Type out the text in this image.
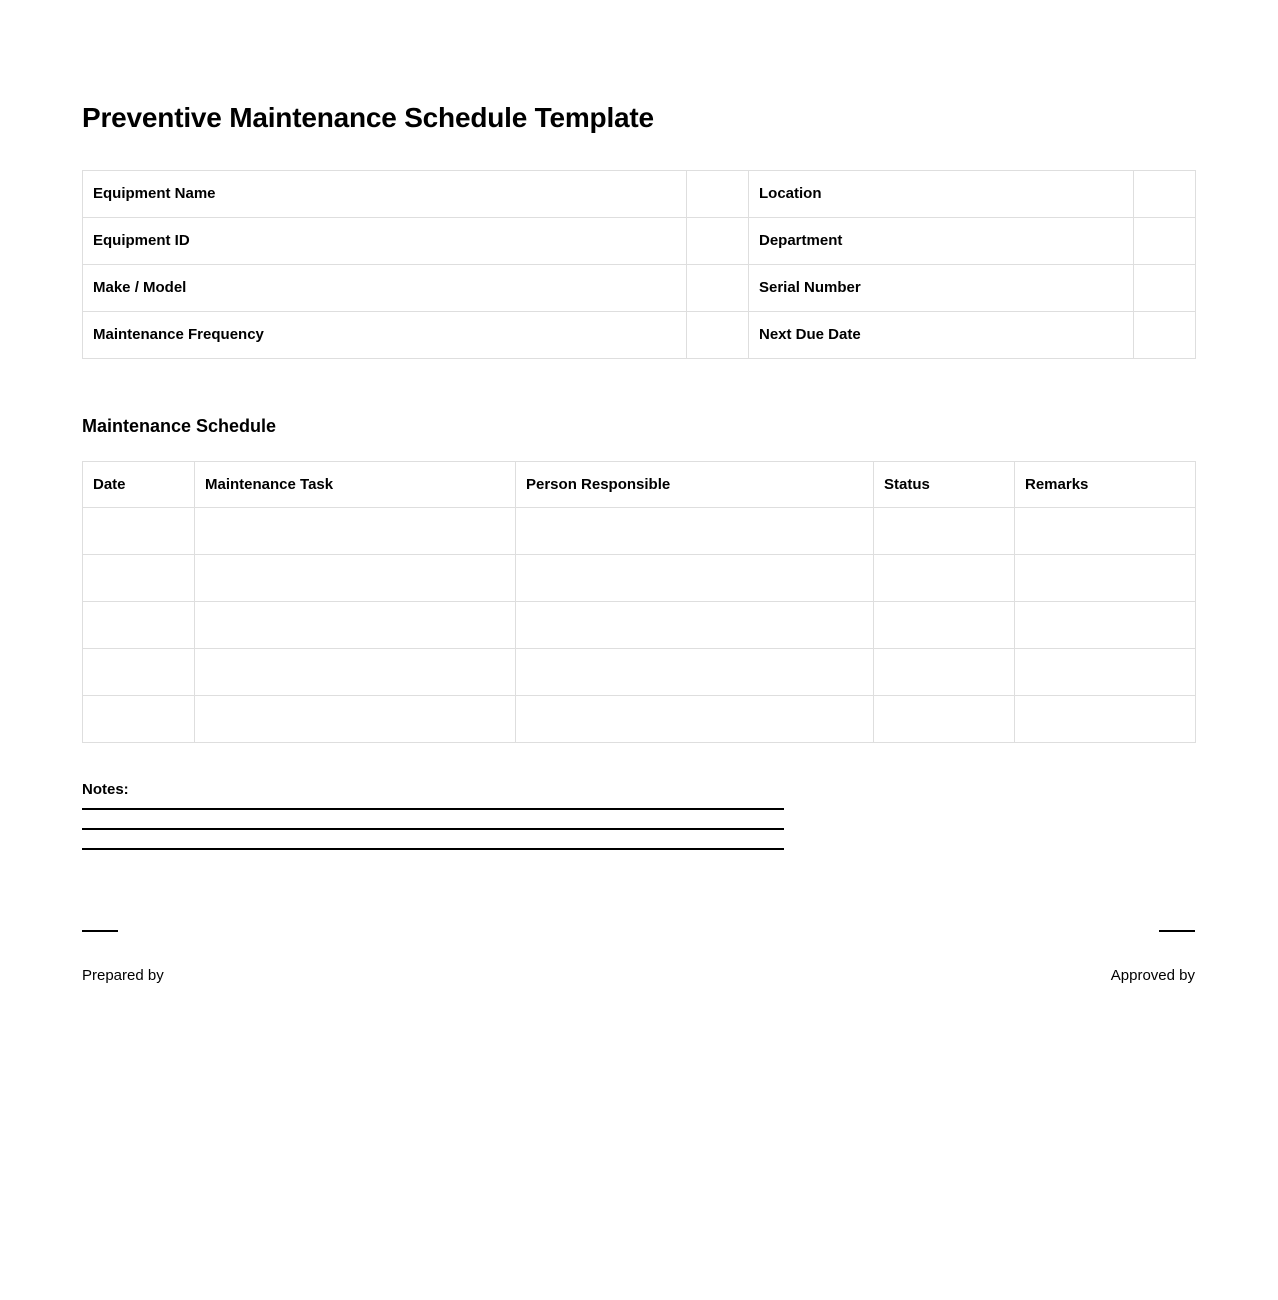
Preventive Maintenance Schedule Template
Equipment Name		Location	
Equipment ID		Department	
Make / Model		Serial Number	
Maintenance Frequency		Next Due Date	
Maintenance Schedule
Date	Maintenance Task	Person Responsible	Status	Remarks

Notes:
Prepared by	Approved by
